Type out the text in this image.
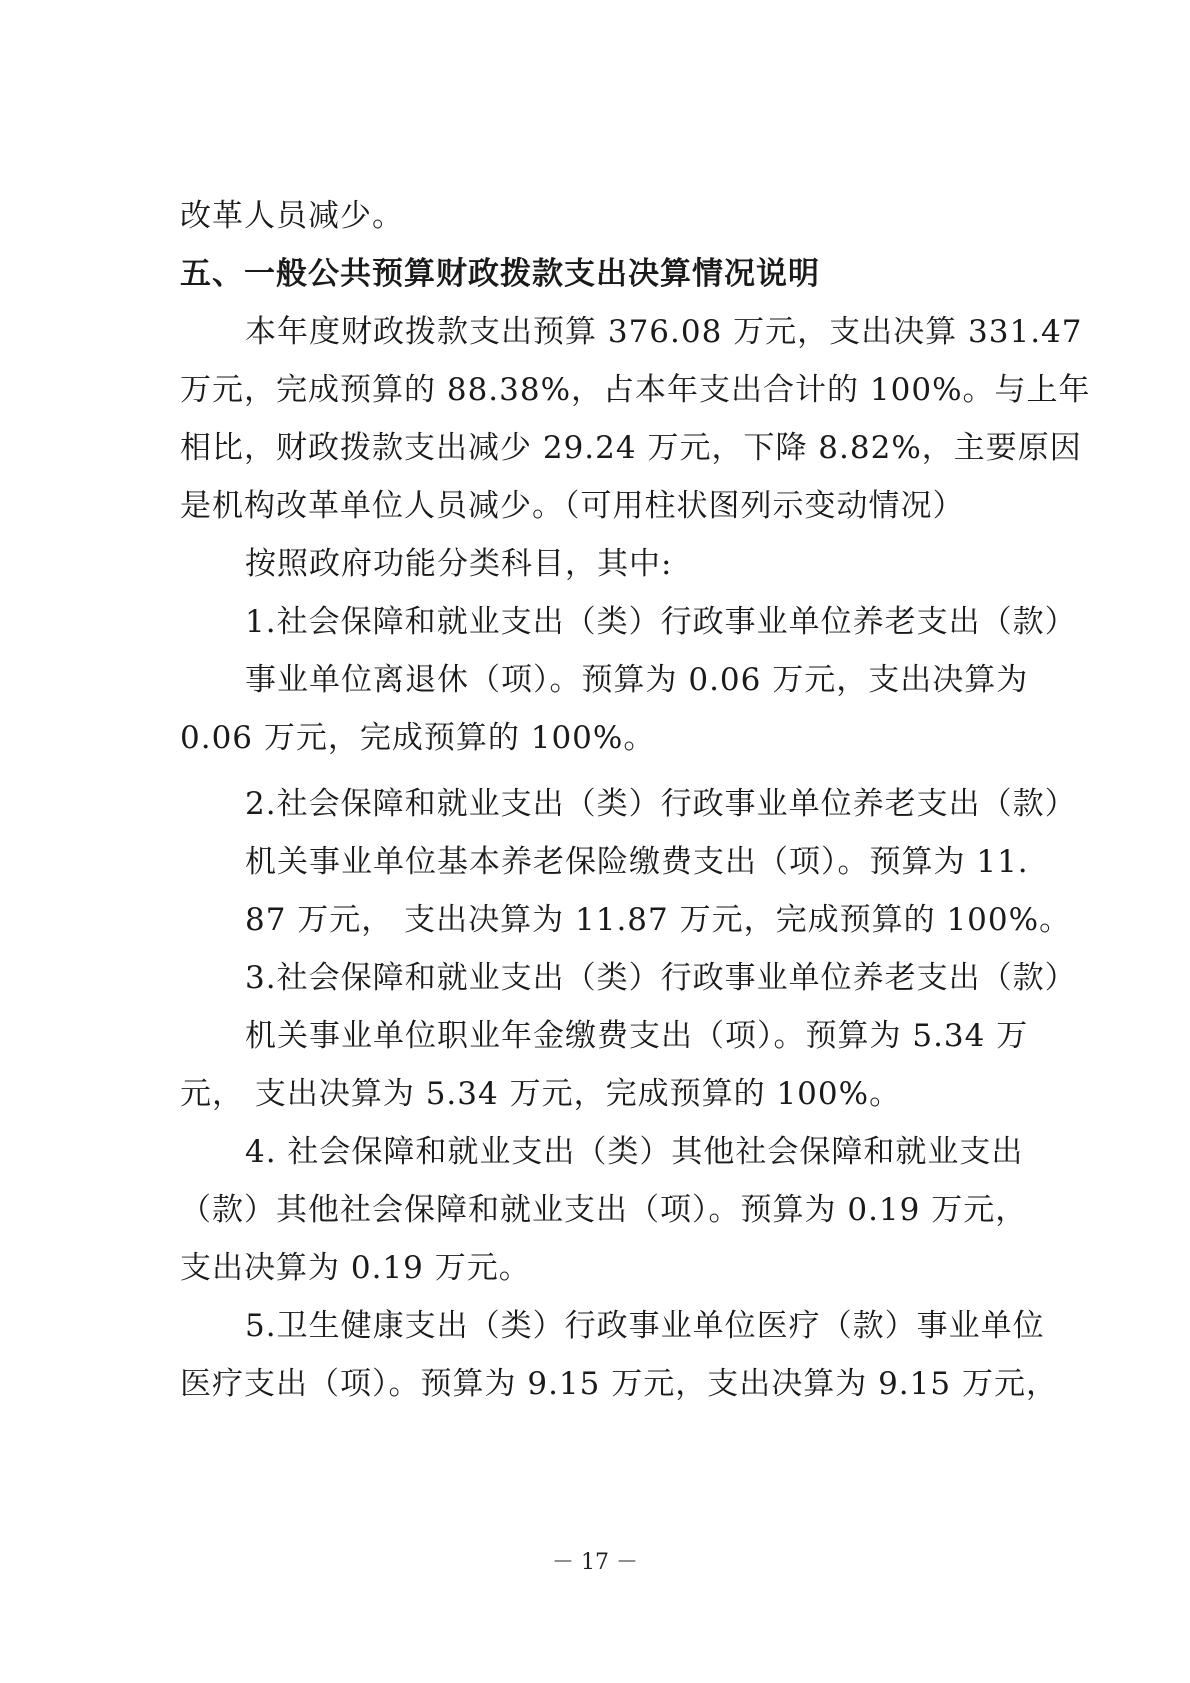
改革人员减少。
五、一般公共预算财政拨款支出决算情况说明
本年度财政拨款支出预算 376.08 万元，支出决算 331.47
万元，完成预算的 88.38%，占本年支出合计的 100%。与上年
相比，财政拨款支出减少 29.24 万元，下降 8.82%，主要原因
是机构改革单位人员减少。（可用柱状图列示变动情况）
按照政府功能分类科目，其中:
1.社会保障和就业支出（类）行政事业单位养老支出（款）
事业单位离退休（项）。预算为 0.06 万元，支出决算为
0.06 万元，完成预算的 100%。
2.社会保障和就业支出（类）行政事业单位养老支出（款）
机关事业单位基本养老保险缴费支出（项）。预算为 11.
87 万元， 支出决算为 11.87 万元，完成预算的 100%。
3.社会保障和就业支出（类）行政事业单位养老支出（款）
机关事业单位职业年金缴费支出（项）。预算为 5.34 万
元， 支出决算为 5.34 万元，完成预算的 100%。
4. 社会保障和就业支出（类）其他社会保障和就业支出
（款）其他社会保障和就业支出（项）。预算为 0.19 万元，
支出决算为 0.19 万元。
5.卫生健康支出（类）行政事业单位医疗（款）事业单位
医疗支出（项）。预算为 9.15 万元，支出决算为 9.15 万元，
－ 17 －
